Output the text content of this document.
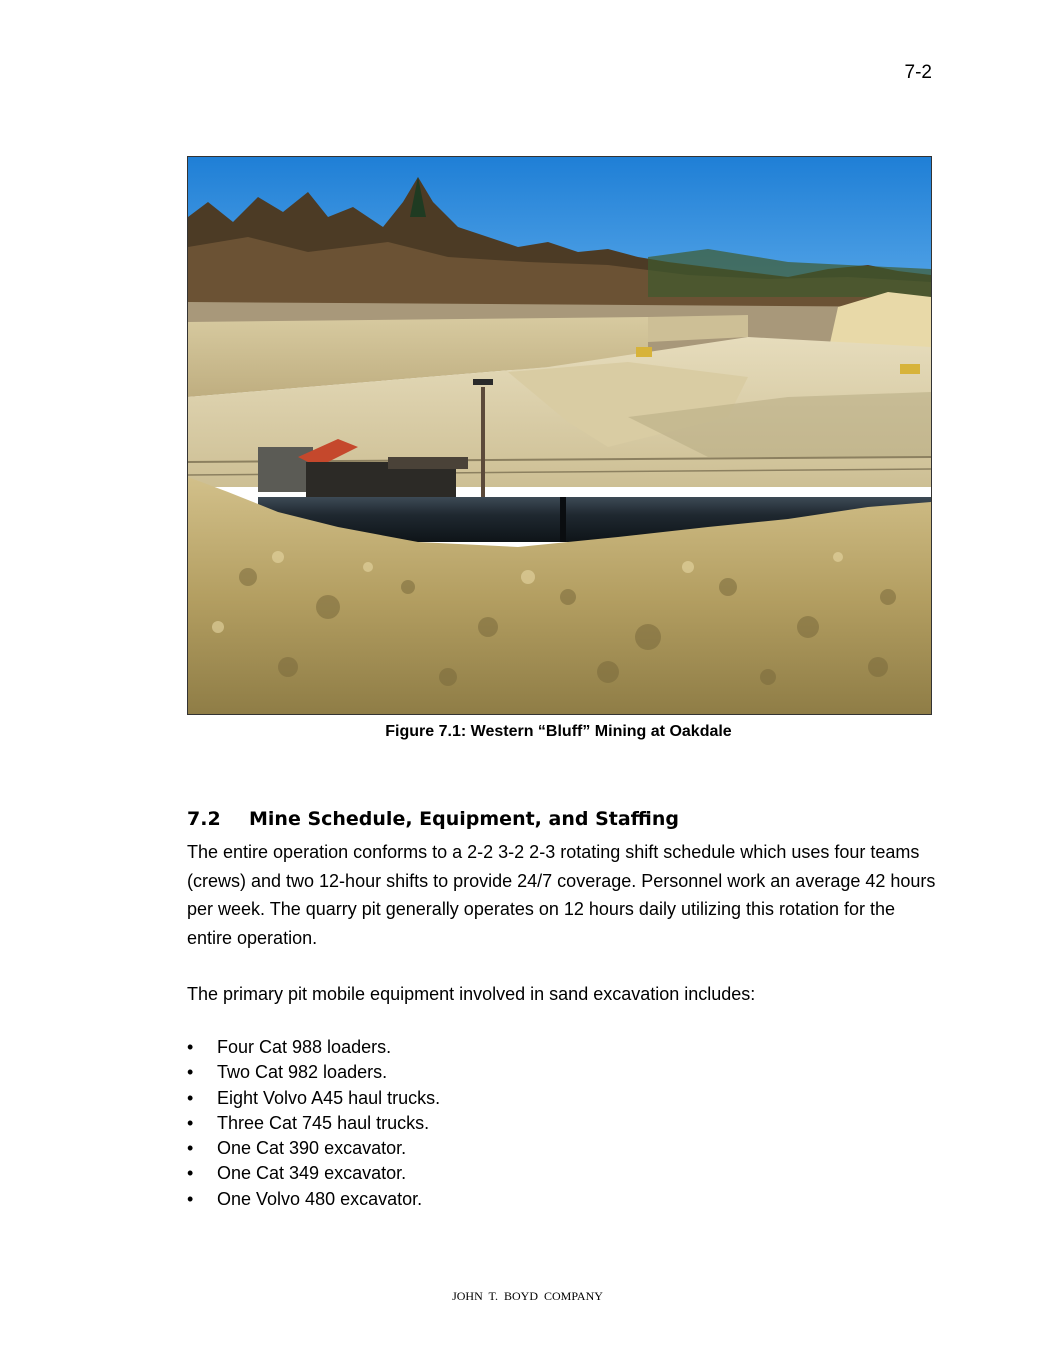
7-2
Figure 7.1: Western “Bluff” Mining at Oakdale
7.2 Mine Schedule, Equipment, and Staffing
The entire operation conforms to a 2-2 3-2 2-3 rotating shift schedule which uses four teams (crews) and two 12-hour shifts to provide 24/7 coverage. Personnel work an average 42 hours per week. The quarry pit generally operates on 12 hours daily utilizing this rotation for the entire operation.
The primary pit mobile equipment involved in sand excavation includes:
• Four Cat 988 loaders.
• Two Cat 982 loaders.
• Eight Volvo A45 haul trucks.
• Three Cat 745 haul trucks.
• One Cat 390 excavator.
• One Cat 349 excavator.
• One Volvo 480 excavator.
JOHN T. BOYD COMPANY
